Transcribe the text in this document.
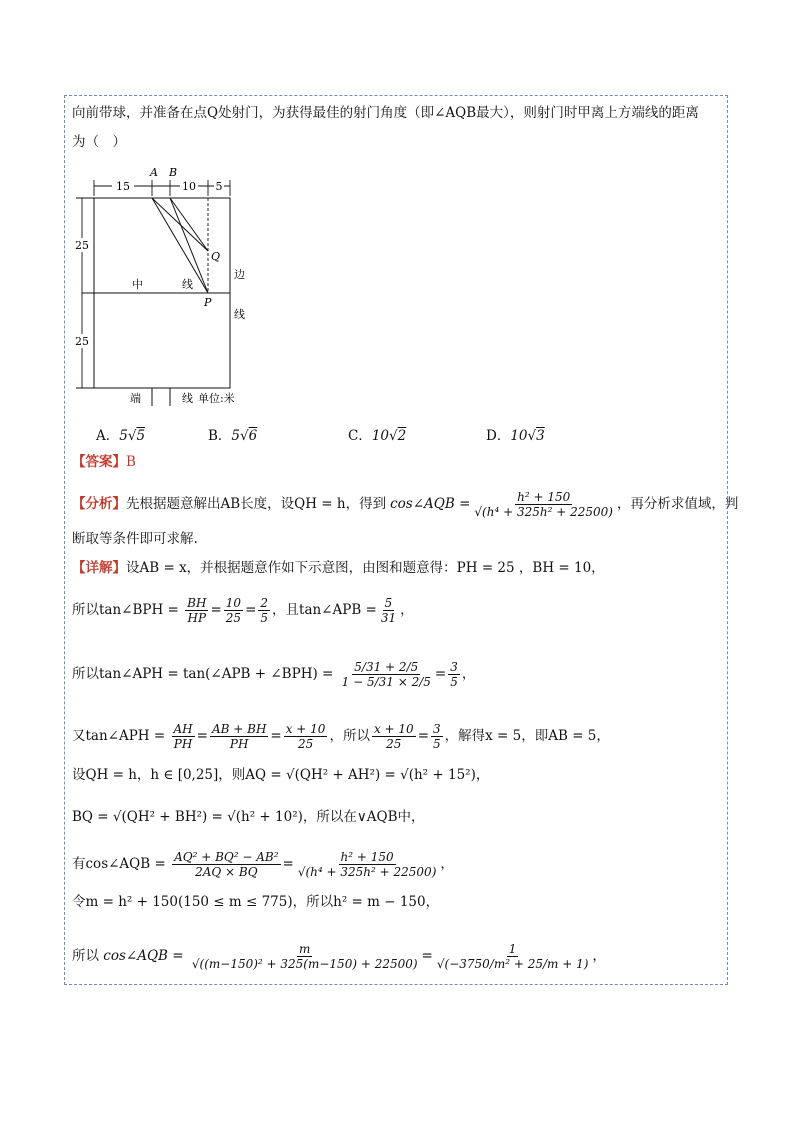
向前带球，并准备在点Q处射门，为获得最佳的射门角度（即∠AQB最大），则射门时甲离上方端线的距离
为（　）
15	10 5
A B
25
25
Q
P
中	线
边
线
端	线 单位:米
A．5√5	B．5√6	C．10√2	D．10√3
【答案】B
【分析】先根据题意解出AB长度，设QH = h，得到 cos∠AQB = $\frac{\text{h² + 150}}{\text{√(h⁴ + 325h² + 22500)}}$ ，再分析求值域，判
断取等条件即可求解.
【详解】设AB = x，并根据题意作如下示意图，由图和题意得：PH = 25 ，BH = 10，
所以tan∠BPH = $\frac{BH}{HP} = \frac{10}{25} = \frac{2}{5}$ ，且tan∠APB = $\frac{5}{31}$ ，
所以tan∠APH = tan(∠APB + ∠BPH) = $\frac{5/31 + 2/5}{1 - 5/31 \times 2/5} = \frac{3}{5}$ ，
又tan∠APH = $\frac{AH}{PH} = \frac{AB + BH}{PH} = \frac{x + 10}{25}$ ，所以 $\frac{x + 10}{25} = \frac{3}{5}$ ，解得x = 5，即AB = 5，
设QH = h，h ∈ [0,25]，则AQ = √(QH² + AH²) = √(h² + 15²)，
BQ = √(QH² + BH²) = √(h² + 10²)，所以在∨AQB中，
有cos∠AQB = $\frac{\text{AQ² + BQ² − AB²}}{2AQ \times BQ} = \frac{\text{h² + 150}}{\text{√(h⁴ + 325h² + 22500)}}$ ，
令m = h² + 150(150 ≤ m ≤ 775)，所以h² = m − 150，
所以 cos∠AQB = $\frac{m}{\text{√((m−150)² + 325(m−150) + 22500)}} = \frac{1}{\text{√(−3750/m² + 25/m + 1)}}$ ，
